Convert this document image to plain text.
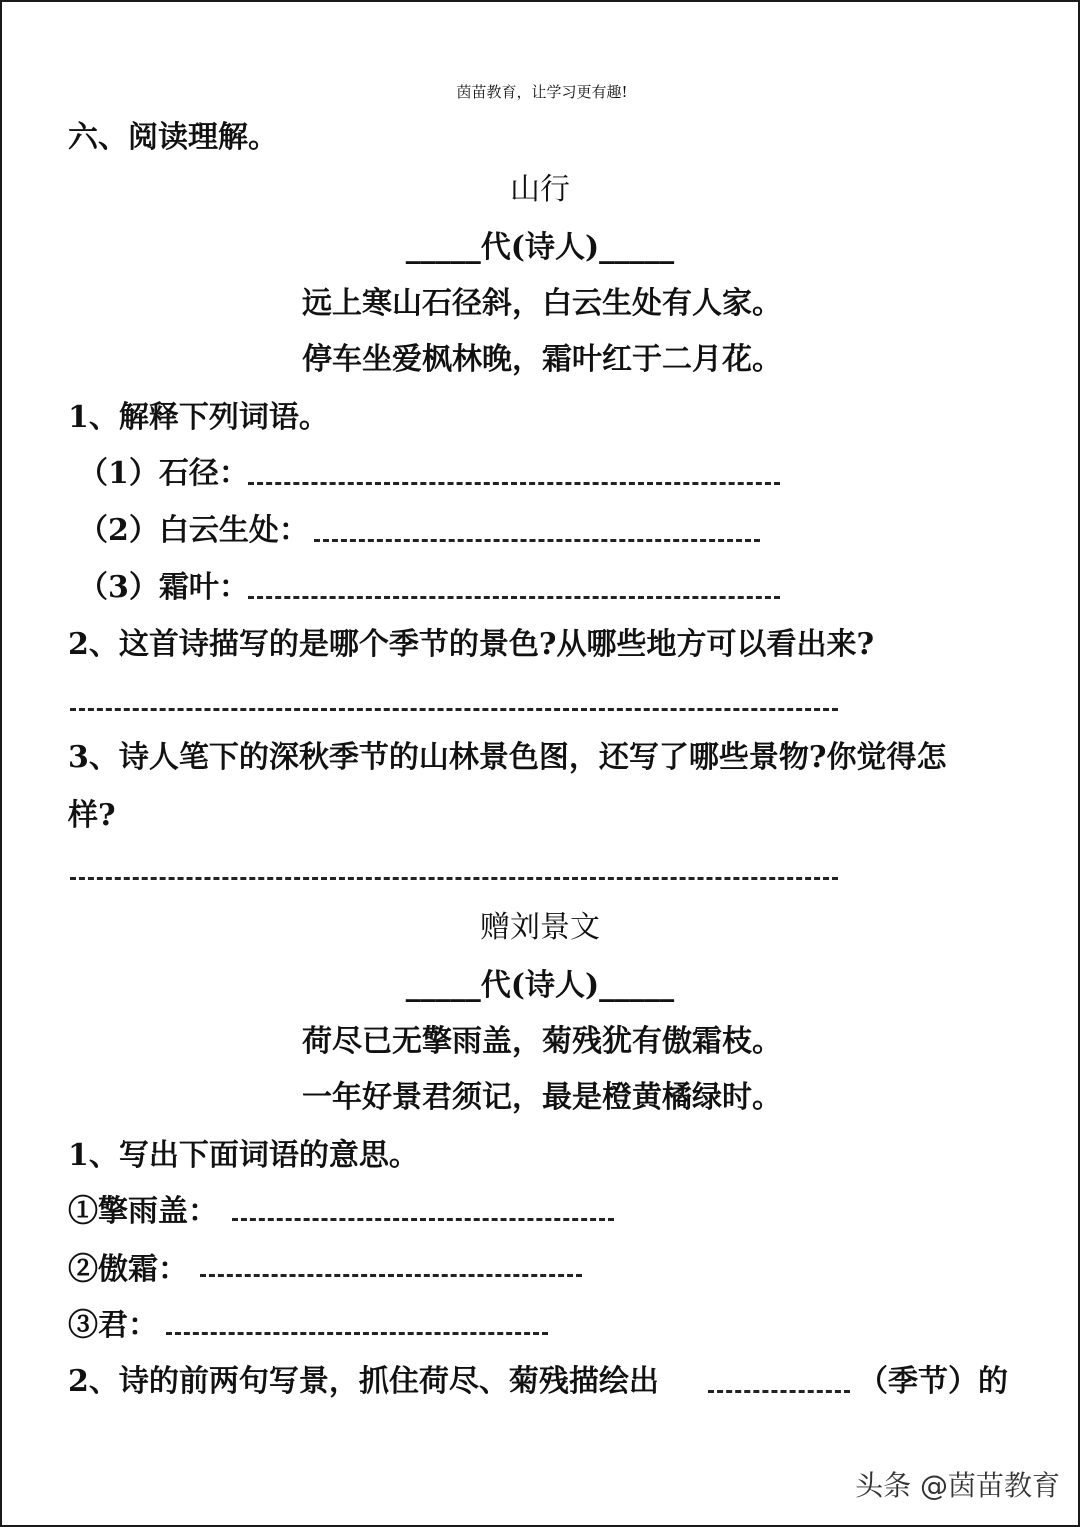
茵苗教育，让学习更有趣!
六、阅读理解。
山行
_____代(诗人)_____
远上寒山石径斜，白云生处有人家。
停车坐爱枫林晚，霜叶红于二月花。
1、解释下列词语。
（1）石径：
（2）白云生处：
（3）霜叶：
2、这首诗描写的是哪个季节的景色?从哪些地方可以看出来?
3、诗人笔下的深秋季节的山林景色图，还写了哪些景物?你觉得怎
样?
赠刘景文
_____代(诗人)_____
荷尽已无擎雨盖，菊残犹有傲霜枝。
一年好景君须记，最是橙黄橘绿时。
1、写出下面词语的意思。
①擎雨盖：
②傲霜：
③君：
2、诗的前两句写景，抓住荷尽、菊残描绘出	（季节）的
头条 @茵苗教育
